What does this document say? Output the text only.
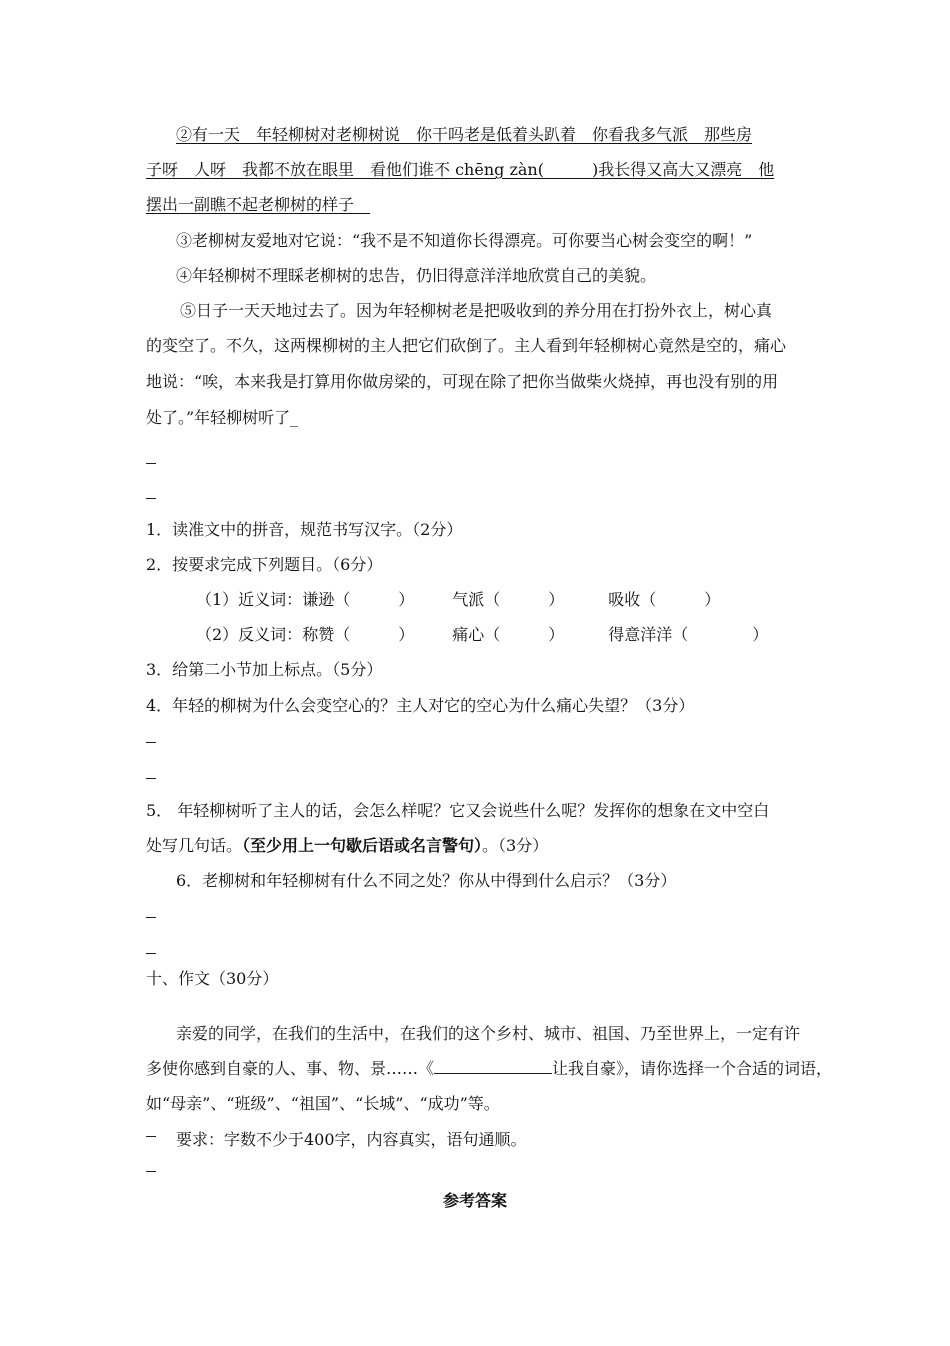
②有一天　年轻柳树对老柳树说　你干吗老是低着头趴着　你看我多气派　那些房
子呀　人呀　我都不放在眼里　看他们谁不 chēng zàn(　　　)我长得又高大又漂亮　他
摆出一副瞧不起老柳树的样子　
③老柳树友爱地对它说：“我不是不知道你长得漂亮。可你要当心树会变空的啊！”
④年轻柳树不理睬老柳树的忠告，仍旧得意洋洋地欣赏自己的美貌。
⑤日子一天天地过去了。因为年轻柳树老是把吸收到的养分用在打扮外衣上，树心真
的变空了。不久，这两棵柳树的主人把它们砍倒了。主人看到年轻柳树心竟然是空的，痛心
地说：“唉，本来我是打算用你做房梁的，可现在除了把你当做柴火烧掉，再也没有别的用
处了。”年轻柳树听了_
1．读准文中的拼音，规范书写汉字。（2分）
2．按要求完成下列题目。（6分）
（1）近义词：谦逊（　　　） 气派（　　　）	吸收（　　　）
（2）反义词：称赞（　　　） 痛心（　　　）	得意洋洋（　　　　）
3．给第二小节加上标点。（5分）
4．年轻的柳树为什么会变空心的？主人对它的空心为什么痛心失望？（3分）
5． 年轻柳树听了主人的话，会怎么样呢？它又会说些什么呢？发挥你的想象在文中空白
处写几句话。（至少用上一句歇后语或名言警句）。（3分）
6．老柳树和年轻柳树有什么不同之处？你从中得到什么启示？（3分）
十、作文（30分）
亲爱的同学，在我们的生活中，在我们的这个乡村、城市、祖国、乃至世界上，一定有许
多使你感到自豪的人、事、物、景……《	让我自豪》，请你选择一个合适的词语，
如“母亲”、“班级”、“祖国”、“长城”、“成功”等。
要求：字数不少于400字，内容真实，语句通顺。
参考答案
